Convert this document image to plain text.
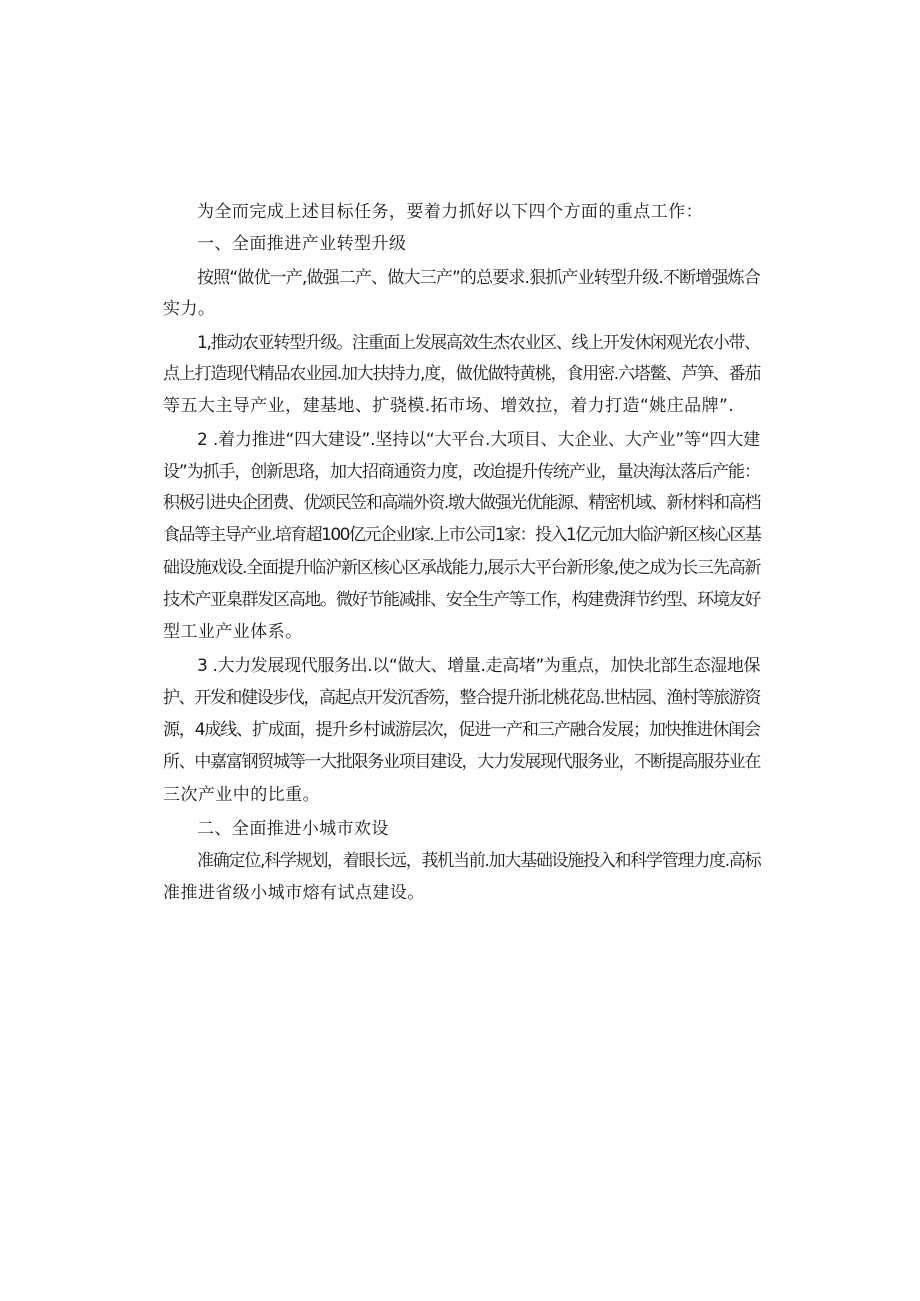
为全而完成上述目标任务，要着力抓好以下四个方面的重点工作：
一、全面推进产业转型升级
按照“做优一产,做强二产、做大三产”的总要求.狠抓产业转型升级.不断增强炼合
实力。
1,推动农亚转型升级。注重面上发展高效生杰农业区、线上开发休闲观光农小带、
点上打造现代精品农业园.加大扶持力,度，做优做特黄桃，食用密.六塔鳖、芦笋、番茄
等五大主导产业，建基地、扩骁模.拓市场、增效拉，着力打造“姚庄品牌”.
2 .着力推进“四大建设”.坚持以“大平台.大项目、大企业、大产业”等“四大建
设”为抓手，创新思珞，加大招商通资力度，改迨提升传统产业，量决海汰落后产能：
积极引进央企团费、优颂民笠和高端外资.墩大做强光优能源、精密机域、新材料和高档
食品等主导产业.培育超100亿元企业I家.上市公司1家：投入1亿元加大临沪新区核心区基
础设施戏设.全面提升临沪新区核心区承战能力,展示大平台新形象,使之成为长三先高新
技术产亚臬群发区高地。微好节能减排、安全生产等工作，构建费湃节约型、环境友好
型工业产业体系。
3 .大力发展现代服务出.以“做大、增量.走高堵”为重点，加快北部生态湿地保
护、开发和健设步伐，高起点开发沉香笏，整合提升浙北桃花岛.世枯园、渔村等旅游资
源，4成线、扩成面，提升乡村诚游层次，促进一产和三产融合发展；加快推进休闺会
所、中嘉富钢贸城等一大批限务业项目建设，大力发展现代服务业，不断提高服芬业在
三次产业中的比重。
二、全面推进小城市欢设
准确定位,科学规划，着眼长远，莪机当前.加大基础设施投入和科学管理力度.高标
准推进省级小城市熔有试点建设。
